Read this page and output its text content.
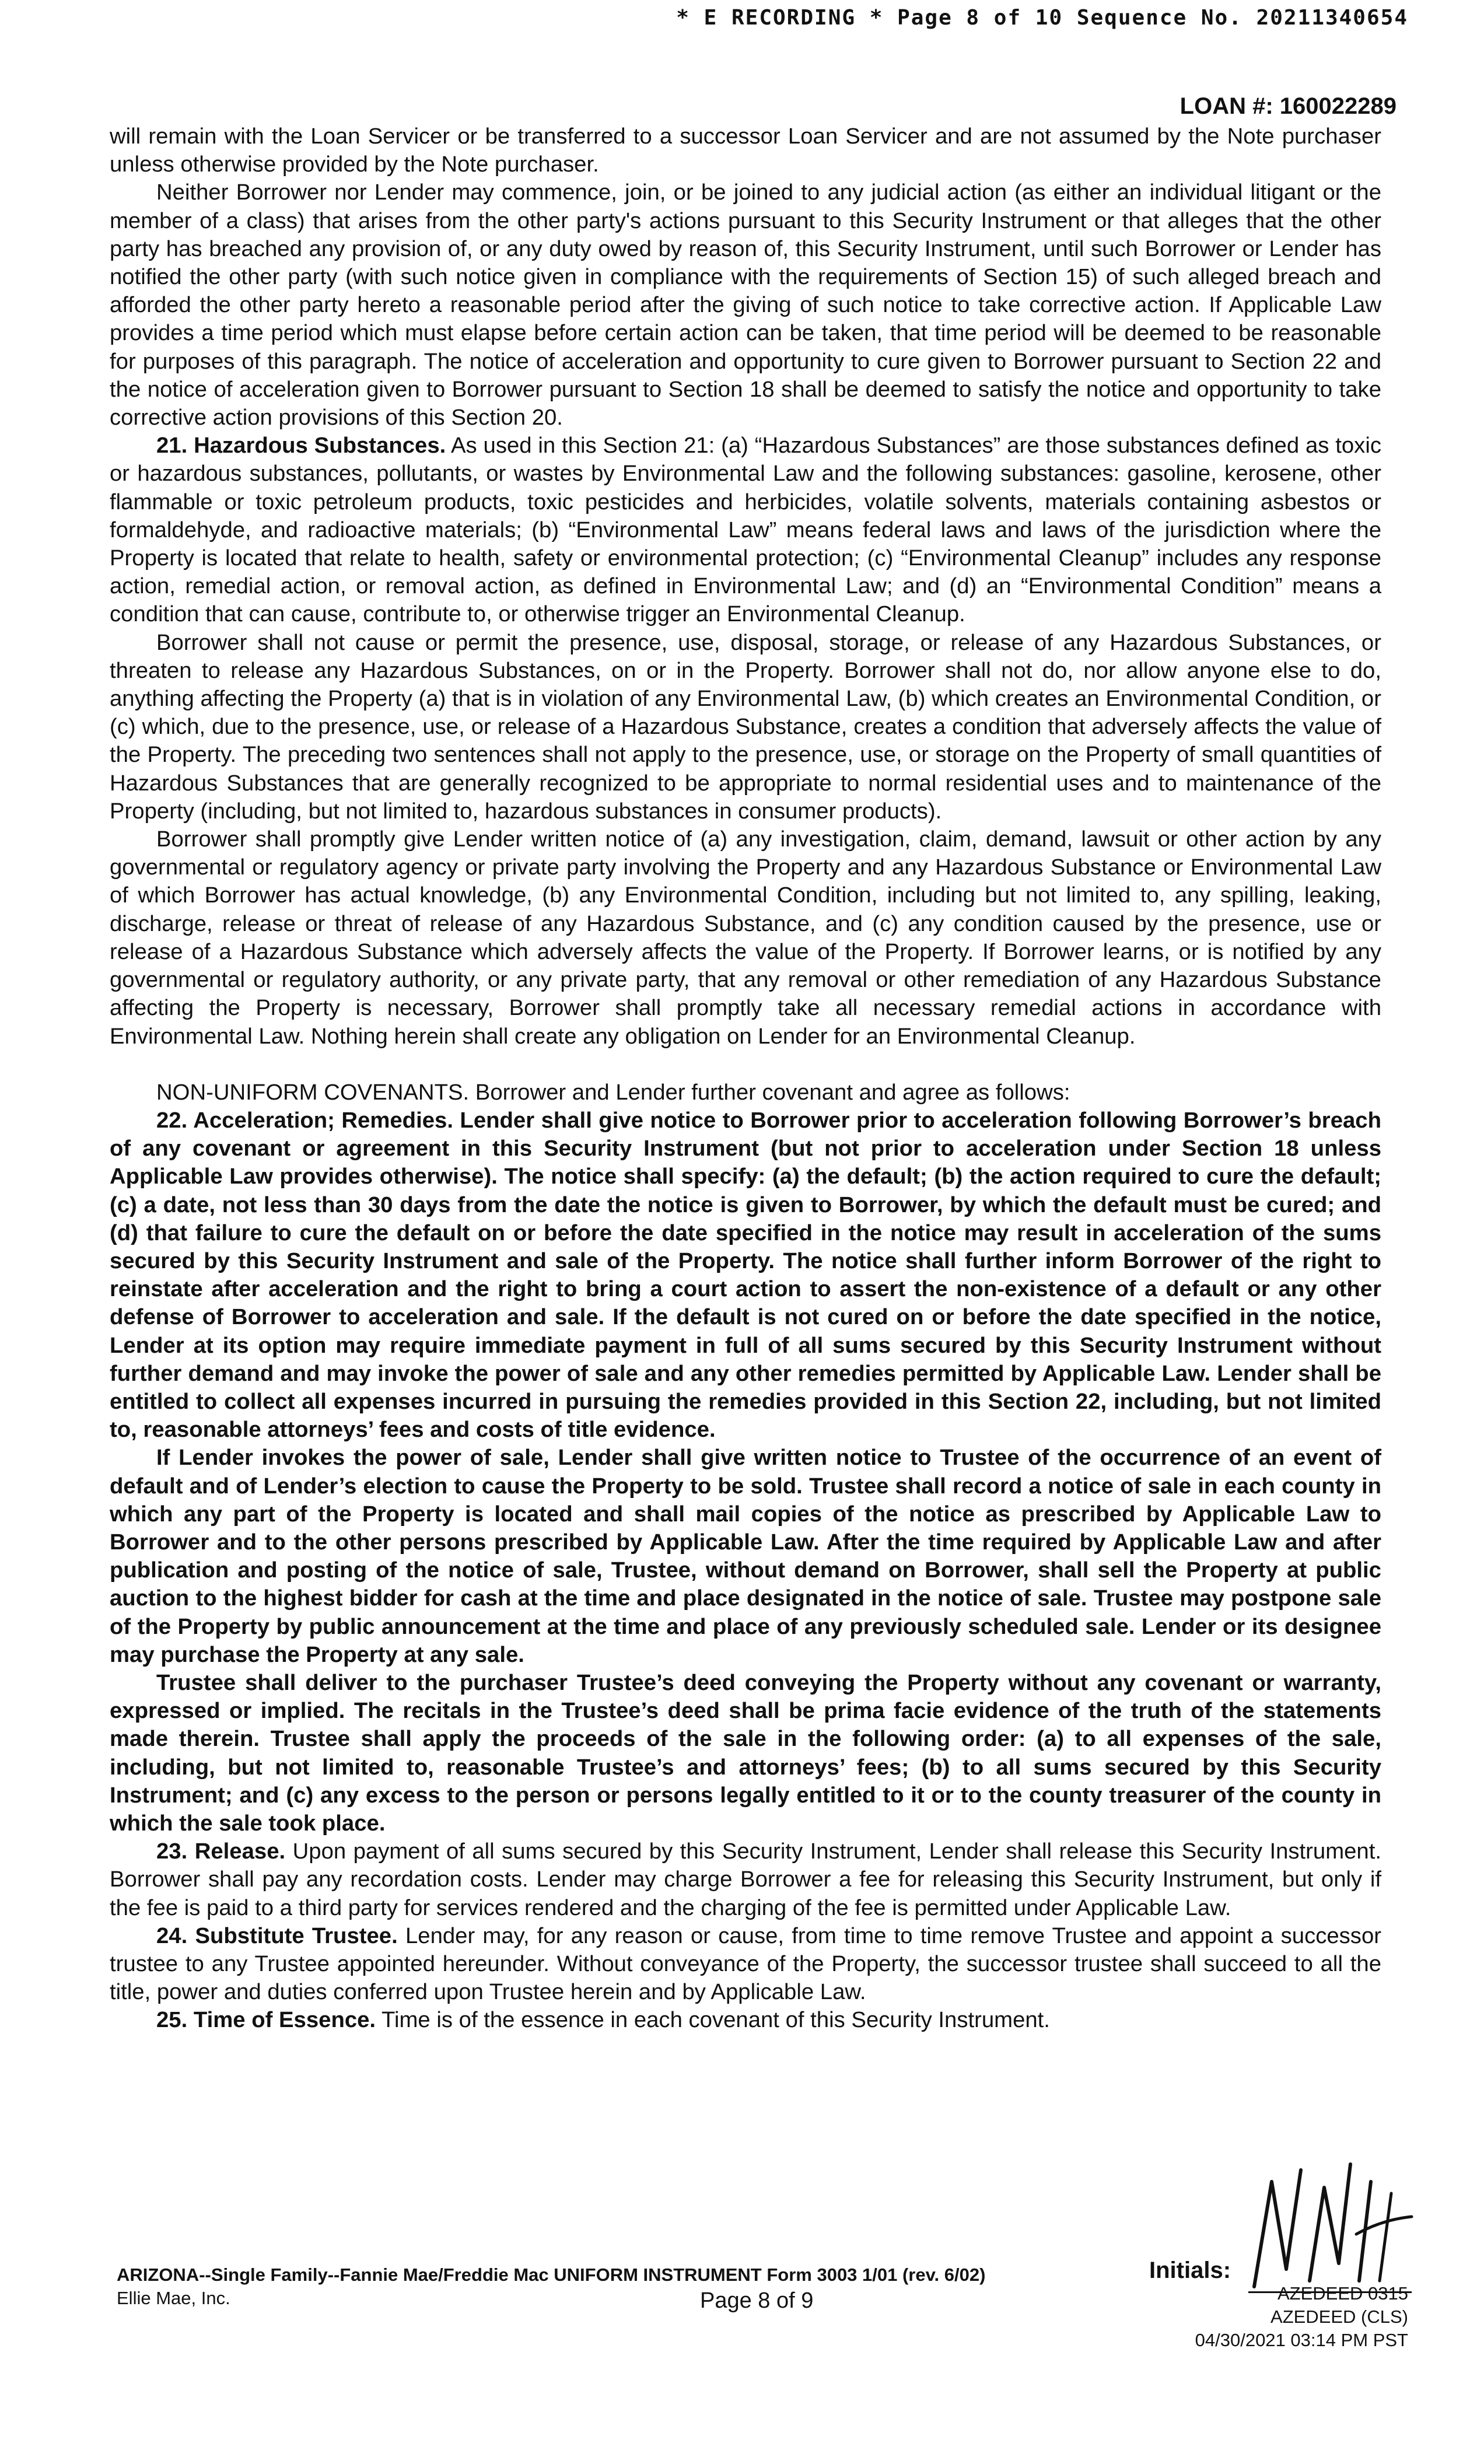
* E RECORDING * Page 8 of 10 Sequence No. 20211340654
LOAN #: 160022289

will remain with the Loan Servicer or be transferred to a successor Loan Servicer and are not assumed by the Note purchaser unless otherwise provided by the Note purchaser.

Neither Borrower nor Lender may commence, join, or be joined to any judicial action (as either an individual litigant or the member of a class) that arises from the other party's actions pursuant to this Security Instrument or that alleges that the other party has breached any provision of, or any duty owed by reason of, this Security Instrument, until such Borrower or Lender has notified the other party (with such notice given in compliance with the requirements of Section 15) of such alleged breach and afforded the other party hereto a reasonable period after the giving of such notice to take corrective action. If Applicable Law provides a time period which must elapse before certain action can be taken, that time period will be deemed to be reasonable for purposes of this paragraph. The notice of acceleration and opportunity to cure given to Borrower pursuant to Section 22 and the notice of acceleration given to Borrower pursuant to Section 18 shall be deemed to satisfy the notice and opportunity to take corrective action provisions of this Section 20.

21. Hazardous Substances. As used in this Section 21: (a) “Hazardous Substances” are those substances defined as toxic or hazardous substances, pollutants, or wastes by Environmental Law and the following substances: gasoline, kerosene, other flammable or toxic petroleum products, toxic pesticides and herbicides, volatile solvents, materials containing asbestos or formaldehyde, and radioactive materials; (b) “Environmental Law” means federal laws and laws of the jurisdiction where the Property is located that relate to health, safety or environmental protection; (c) “Environmental Cleanup” includes any response action, remedial action, or removal action, as defined in Environmental Law; and (d) an “Environmental Condition” means a condition that can cause, contribute to, or otherwise trigger an Environmental Cleanup.

Borrower shall not cause or permit the presence, use, disposal, storage, or release of any Hazardous Substances, or threaten to release any Hazardous Substances, on or in the Property. Borrower shall not do, nor allow anyone else to do, anything affecting the Property (a) that is in violation of any Environmental Law, (b) which creates an Environmental Condition, or (c) which, due to the presence, use, or release of a Hazardous Substance, creates a condition that adversely affects the value of the Property. The preceding two sentences shall not apply to the presence, use, or storage on the Property of small quantities of Hazardous Substances that are generally recognized to be appropriate to normal residential uses and to maintenance of the Property (including, but not limited to, hazardous substances in consumer products).

Borrower shall promptly give Lender written notice of (a) any investigation, claim, demand, lawsuit or other action by any governmental or regulatory agency or private party involving the Property and any Hazardous Substance or Environmental Law of which Borrower has actual knowledge, (b) any Environmental Condition, including but not limited to, any spilling, leaking, discharge, release or threat of release of any Hazardous Substance, and (c) any condition caused by the presence, use or release of a Hazardous Substance which adversely affects the value of the Property. If Borrower learns, or is notified by any governmental or regulatory authority, or any private party, that any removal or other remediation of any Hazardous Substance affecting the Property is necessary, Borrower shall promptly take all necessary remedial actions in accordance with Environmental Law. Nothing herein shall create any obligation on Lender for an Environmental Cleanup.

NON-UNIFORM COVENANTS. Borrower and Lender further covenant and agree as follows:

22. Acceleration; Remedies. Lender shall give notice to Borrower prior to acceleration following Borrower’s breach of any covenant or agreement in this Security Instrument (but not prior to acceleration under Section 18 unless Applicable Law provides otherwise). The notice shall specify: (a) the default; (b) the action required to cure the default; (c) a date, not less than 30 days from the date the notice is given to Borrower, by which the default must be cured; and (d) that failure to cure the default on or before the date specified in the notice may result in acceleration of the sums secured by this Security Instrument and sale of the Property. The notice shall further inform Borrower of the right to reinstate after acceleration and the right to bring a court action to assert the non-existence of a default or any other defense of Borrower to acceleration and sale. If the default is not cured on or before the date specified in the notice, Lender at its option may require immediate payment in full of all sums secured by this Security Instrument without further demand and may invoke the power of sale and any other remedies permitted by Applicable Law. Lender shall be entitled to collect all expenses incurred in pursuing the remedies provided in this Section 22, including, but not limited to, reasonable attorneys’ fees and costs of title evidence.

If Lender invokes the power of sale, Lender shall give written notice to Trustee of the occurrence of an event of default and of Lender’s election to cause the Property to be sold. Trustee shall record a notice of sale in each county in which any part of the Property is located and shall mail copies of the notice as prescribed by Applicable Law to Borrower and to the other persons prescribed by Applicable Law. After the time required by Applicable Law and after publication and posting of the notice of sale, Trustee, without demand on Borrower, shall sell the Property at public auction to the highest bidder for cash at the time and place designated in the notice of sale. Trustee may postpone sale of the Property by public announcement at the time and place of any previously scheduled sale. Lender or its designee may purchase the Property at any sale.

Trustee shall deliver to the purchaser Trustee’s deed conveying the Property without any covenant or warranty, expressed or implied. The recitals in the Trustee’s deed shall be prima facie evidence of the truth of the statements made therein. Trustee shall apply the proceeds of the sale in the following order: (a) to all expenses of the sale, including, but not limited to, reasonable Trustee’s and attorneys’ fees; (b) to all sums secured by this Security Instrument; and (c) any excess to the person or persons legally entitled to it or to the county treasurer of the county in which the sale took place.

23. Release. Upon payment of all sums secured by this Security Instrument, Lender shall release this Security Instrument. Borrower shall pay any recordation costs. Lender may charge Borrower a fee for releasing this Security Instrument, but only if the fee is paid to a third party for services rendered and the charging of the fee is permitted under Applicable Law.

24. Substitute Trustee. Lender may, for any reason or cause, from time to time remove Trustee and appoint a successor trustee to any Trustee appointed hereunder. Without conveyance of the Property, the successor trustee shall succeed to all the title, power and duties conferred upon Trustee herein and by Applicable Law.

25. Time of Essence. Time is of the essence in each covenant of this Security Instrument.

ARIZONA--Single Family--Fannie Mae/Freddie Mac UNIFORM INSTRUMENT Form 3003 1/01 (rev. 6/02)
Ellie Mae, Inc.	Page 8 of 9
Initials:
AZEDEED 0315
AZEDEED (CLS)
04/30/2021 03:14 PM PST
